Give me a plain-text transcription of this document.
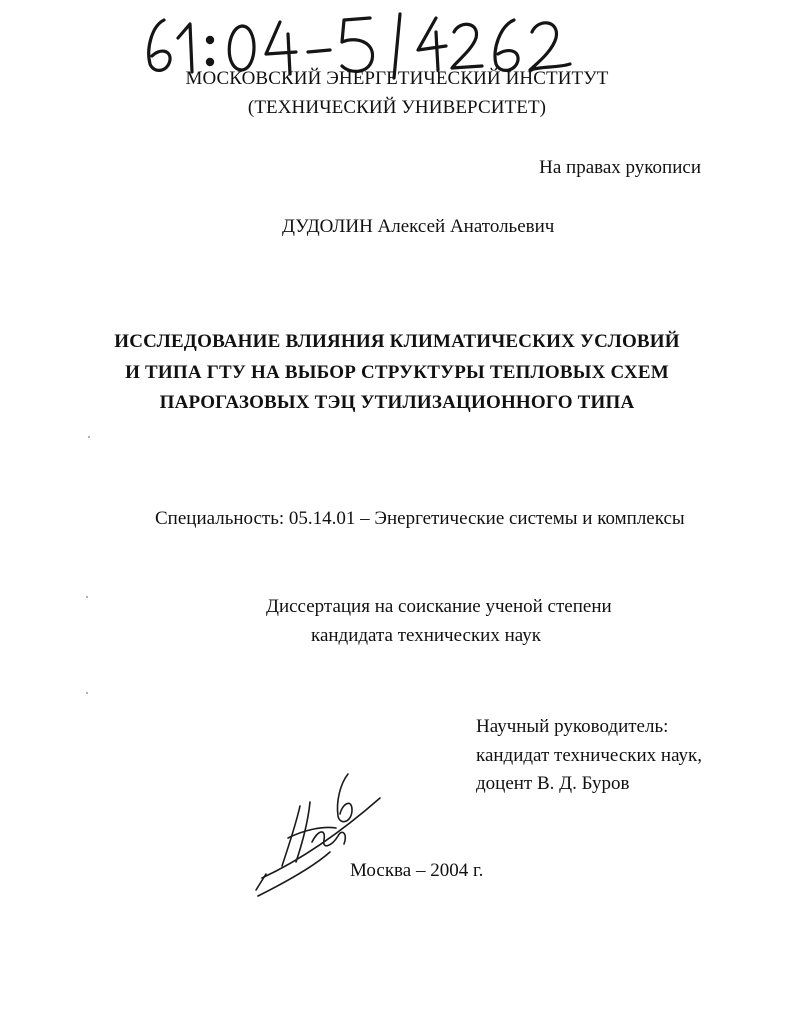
МОСКОВСКИЙ ЭНЕРГЕТИЧЕСКИЙ ИНСТИТУТ
(ТЕХНИЧЕСКИЙ УНИВЕРСИТЕТ)
На правах рукописи
ДУДОЛИН Алексей Анатольевич
ИССЛЕДОВАНИЕ ВЛИЯНИЯ КЛИМАТИЧЕСКИХ УСЛОВИЙ
И ТИПА ГТУ НА ВЫБОР СТРУКТУРЫ ТЕПЛОВЫХ СХЕМ
ПАРОГАЗОВЫХ ТЭЦ УТИЛИЗАЦИОННОГО ТИПА
Специальность: 05.14.01 – Энергетические системы и комплексы
Диссертация на соискание ученой степени
кандидата технических наук
Научный руководитель:
кандидат технических наук,
доцент В. Д. Буров
Москва – 2004 г.
